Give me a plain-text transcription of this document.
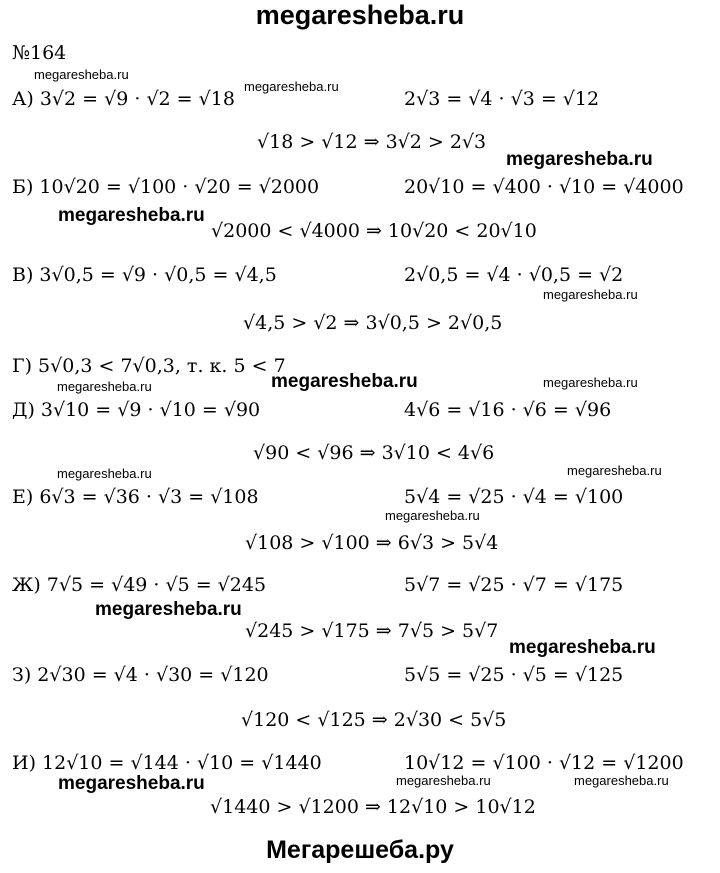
megaresheba.ru
№164
А) 3√2 = √9 · √2 = √18	2√3 = √4 · √3 = √12
√18 > √12 ⇒ 3√2 > 2√3
Б) 10√20 = √100 · √20 = √2000	20√10 = √400 · √10 = √4000
√2000 < √4000 ⇒ 10√20 < 20√10
В) 3√0,5 = √9 · √0,5 = √4,5	2√0,5 = √4 · √0,5 = √2
√4,5 > √2 ⇒ 3√0,5 > 2√0,5
Г) 5√0,3 < 7√0,3, т. к. 5 < 7
Д) 3√10 = √9 · √10 = √90	4√6 = √16 · √6 = √96
√90 < √96 ⇒ 3√10 < 4√6
Е) 6√3 = √36 · √3 = √108	5√4 = √25 · √4 = √100
√108 > √100 ⇒ 6√3 > 5√4
Ж) 7√5 = √49 · √5 = √245	5√7 = √25 · √7 = √175
√245 > √175 ⇒ 7√5 > 5√7
З) 2√30 = √4 · √30 = √120	5√5 = √25 · √5 = √125
√120 < √125 ⇒ 2√30 < 5√5
И) 12√10 = √144 · √10 = √1440	10√12 = √100 · √12 = √1200
√1440 > √1200 ⇒ 12√10 > 10√12
megaresheba.ru
megaresheba.ru
megaresheba.ru
megaresheba.ru
megaresheba.ru
megaresheba.ru
megaresheba.ru	megaresheba.ru
megaresheba.ru	megaresheba.ru
megaresheba.ru
megaresheba.ru
megaresheba.ru
megaresheba.ru	megaresheba.ru	megaresheba.ru
Мегарешеба.ру
